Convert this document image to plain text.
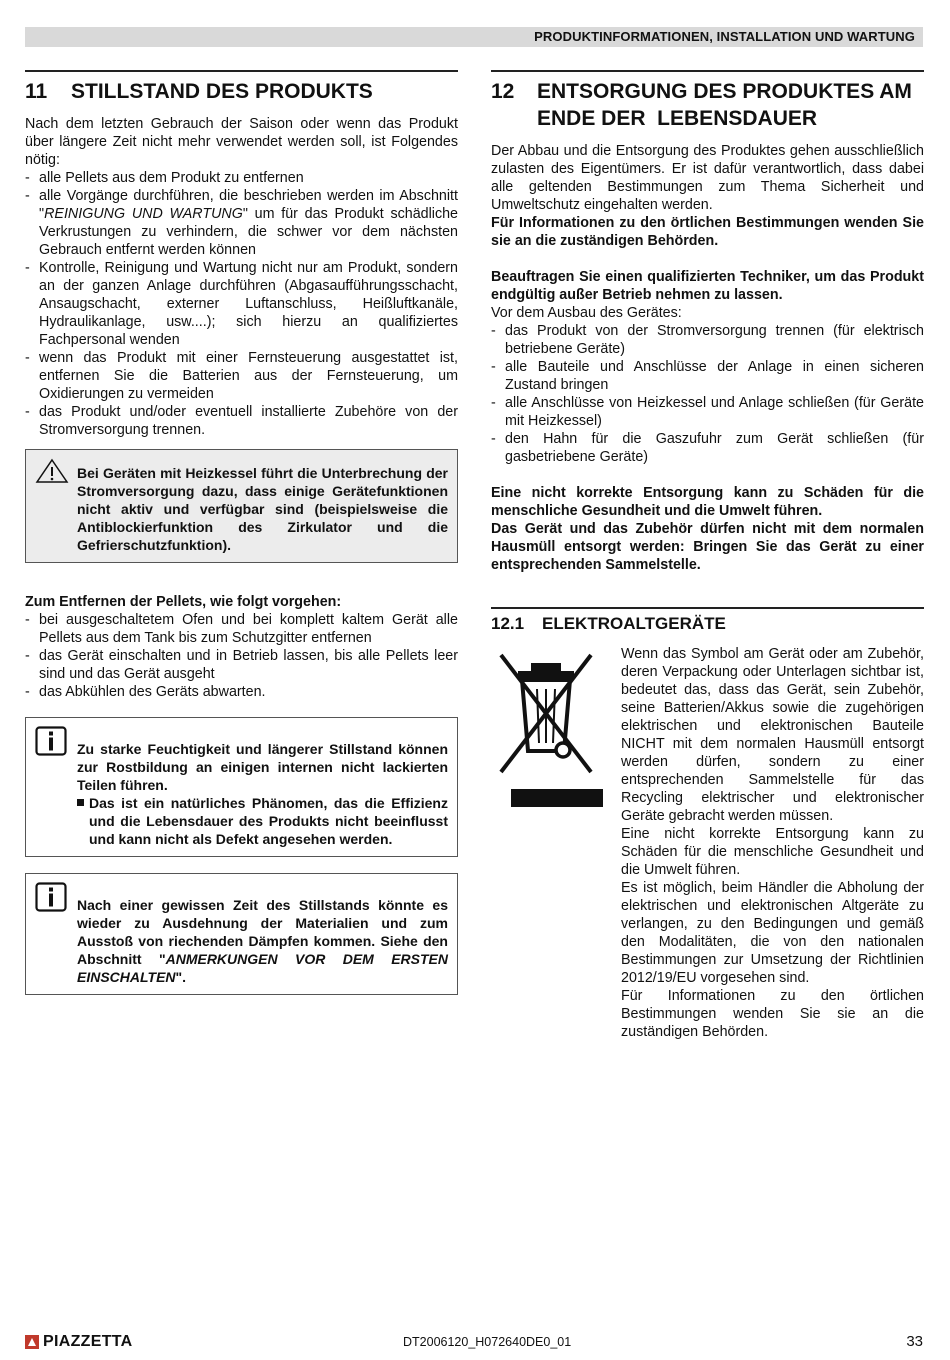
PRODUKTINFORMATIONEN, INSTALLATION UND WARTUNG
11 STILLSTAND DES PRODUKTS

Nach dem letzten Gebrauch der Saison oder wenn das Produkt über längere Zeit nicht mehr verwendet werden soll, ist Folgendes nötig:

- alle Pellets aus dem Produkt zu entfernen
- alle Vorgänge durchführen, die beschrieben werden im Abschnitt "REINIGUNG UND WARTUNG" um für das Produkt schädliche Verkrustungen zu verhindern, die schwer vor dem nächsten Gebrauch entfernt werden können
- Kontrolle, Reinigung und Wartung nicht nur am Produkt, sondern an der ganzen Anlage durchführen (Abgasaufführungsschacht, Ansaugschacht, externer Luftanschluss, Heißluftkanäle, Hydraulikanlage, usw....); sich hierzu an qualifiziertes Fachpersonal wenden
- wenn das Produkt mit einer Fernsteuerung ausgestattet ist, entfernen Sie die Batterien aus der Fernsteuerung, um Oxidierungen zu vermeiden
- das Produkt und/oder eventuell installierte Zubehöre von der Stromversorgung trennen.

Bei Geräten mit Heizkessel führt die Unterbrechung der Stromversorgung dazu, dass einige Gerätefunktionen nicht aktiv und verfügbar sind (beispielsweise die Antiblockierfunktion des Zirkulator und die Gefrierschutzfunktion).

Zum Entfernen der Pellets, wie folgt vorgehen:

- bei ausgeschaltetem Ofen und bei komplett kaltem Gerät alle Pellets aus dem Tank bis zum Schutzgitter entfernen
- das Gerät einschalten und in Betrieb lassen, bis alle Pellets leer sind und das Gerät ausgeht
- das Abkühlen des Geräts abwarten.

Zu starke Feuchtigkeit und längerer Stillstand können zur Rostbildung an einigen internen nicht lackierten Teilen führen.

Das ist ein natürliches Phänomen, das die Effizienz und die Lebensdauer des Produkts nicht beeinflusst und kann nicht als Defekt angesehen werden.

Nach einer gewissen Zeit des Stillstands könnte es wieder zu Ausdehnung der Materialien und zum Ausstoß von riechenden Dämpfen kommen. Siehe den Abschnitt "ANMERKUNGEN VOR DEM ERSTEN EINSCHALTEN".

12	ENTSORGUNG DES PRODUKTES AM
ENDE DER  LEBENSDAUER

Der Abbau und die Entsorgung des Produktes gehen ausschließlich zulasten des Eigentümers. Er ist dafür verantwortlich, dass dabei alle geltenden Bestimmungen zum Thema Sicherheit und Umweltschutz eingehalten werden.

Für Informationen zu den örtlichen Bestimmungen wenden Sie sie an die zuständigen Behörden.

Beauftragen Sie einen qualifizierten Techniker, um das Produkt endgültig außer Betrieb nehmen zu lassen.

Vor dem Ausbau des Gerätes:

- das Produkt von der Stromversorgung trennen (für elektrisch betriebene Geräte)
- alle Bauteile und Anschlüsse der Anlage in einen sicheren Zustand bringen
- alle Anschlüsse von Heizkessel und Anlage schließen (für Geräte mit Heizkessel)
- den Hahn für die Gaszufuhr zum Gerät schließen (für gasbetriebene Geräte)

Eine nicht korrekte Entsorgung kann zu Schäden für die menschliche Gesundheit und die Umwelt führen.

Das Gerät und das Zubehör dürfen nicht mit dem normalen Hausmüll entsorgt werden: Bringen Sie das Gerät zu einer entsprechenden Sammelstelle.

12.1 ELEKTROALTGERÄTE

Wenn das Symbol am Gerät oder am Zubehör, deren Verpackung oder Unterlagen sichtbar ist, bedeutet das, dass das Gerät, sein Zubehör, seine Batterien/Akkus sowie die zugehörigen elektrischen und elektronischen Bauteile NICHT mit dem normalen Hausmüll entsorgt werden dürfen, sondern zu einer entsprechenden Sammelstelle für das Recycling elektrischer und elektronischer Geräte gebracht werden müssen.

Eine nicht korrekte Entsorgung kann zu Schäden für die menschliche Gesundheit und die Umwelt führen.

Es ist möglich, beim Händler die Abholung der elektrischen und elektronischen Altgeräte zu verlangen, zu den Bedingungen und gemäß den Modalitäten, die von den nationalen Bestimmungen zur Umsetzung der Richtlinien 2012/19/EU vorgesehen sind.

Für Informationen zu den örtlichen Bestimmungen wenden Sie sie an die zuständigen Behörden.

PIAZZETTA	DT2006120_H072640DE0_01	33
